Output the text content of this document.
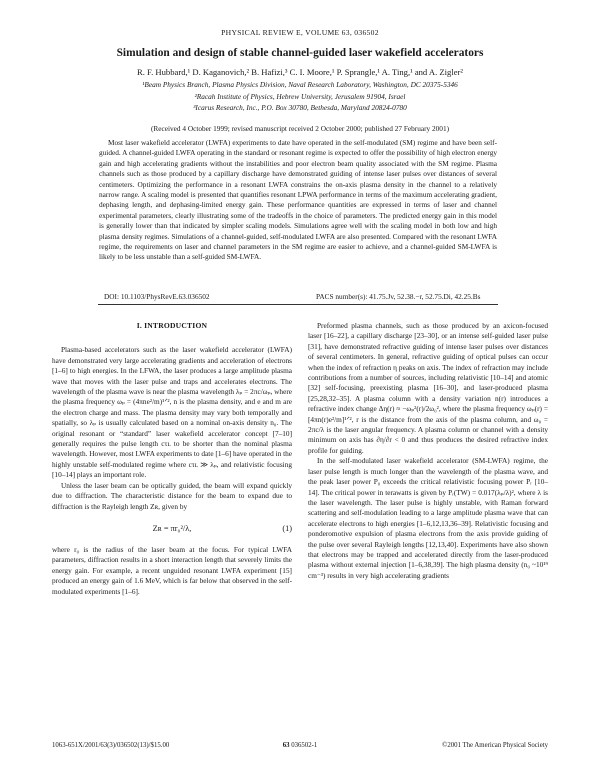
PHYSICAL REVIEW E, VOLUME 63, 036502
Simulation and design of stable channel-guided laser wakefield accelerators
R. F. Hubbard,¹ D. Kaganovich,² B. Hafizi,³ C. I. Moore,¹ P. Sprangle,¹ A. Ting,¹ and A. Zigler²
¹Beam Physics Branch, Plasma Physics Division, Naval Research Laboratory, Washington, DC 20375-5346
²Racah Institute of Physics, Hebrew University, Jerusalem 91904, Israel
³Icarus Research, Inc., P.O. Box 30780, Bethesda, Maryland 20824-0780
(Received 4 October 1999; revised manuscript received 2 October 2000; published 27 February 2001)

Most laser wakefield accelerator (LWFA) experiments to date have operated in the self-modulated (SM) regime and have been self-guided. A channel-guided LWFA operating in the standard or resonant regime is expected to offer the possibility of high electron energy gain and high accelerating gradients without the instabilities and poor electron beam quality associated with the SM regime. Plasma channels such as those produced by a capillary discharge have demonstrated guiding of intense laser pulses over distances of several centimeters. Optimizing the performance in a resonant LWFA constrains the on-axis plasma density in the channel to a relatively narrow range. A scaling model is presented that quantifies resonant LPWA performance in terms of the maximum accelerating gradient, dephasing length, and dephasing-limited energy gain. These performance quantities are expressed in terms of laser and channel experimental parameters, clearly illustrating some of the tradeoffs in the choice of parameters. The predicted energy gain in this model is generally lower than that indicated by simpler scaling models. Simulations agree well with the scaling model in both low and high plasma density regimes. Simulations of a channel-guided, self-modulated LWFA are also presented. Compared with the resonant LWFA regime, the requirements on laser and channel parameters in the SM regime are easier to achieve, and a channel-guided SM-LWFA is likely to be less unstable than a self-guided SM-LWFA.

DOI: 10.1103/PhysRevE.63.036502	PACS number(s): 41.75.Jv, 52.38.−r, 52.75.Di, 42.25.Bs
I. INTRODUCTION

Plasma-based accelerators such as the laser wakefield accelerator (LWFA) have demonstrated very large accelerating gradients and acceleration of electrons [1–6] to high energies. In the LFWA, the laser produces a large amplitude plasma wave that moves with the laser pulse and traps and accelerates electrons. The wavelength of the plasma wave is near the plasma wavelength λₚ = 2πc/ωₚ, where the plasma frequency ωₚ = (4πne²/m)¹ᐟ², n is the plasma density, and e and m are the electron charge and mass. The plasma density may vary both temporally and spatially, so λₚ is usually calculated based on a nominal on-axis density n₀. The original resonant or “standard” laser wakefield accelerator concept [7–10] generally requires the pulse length cτʟ to be shorter than the nominal plasma wavelength. However, most LWFA experiments to date [1–6] have operated in the highly unstable self-modulated regime where cτʟ ≫ λₚ, and relativistic focusing [10–14] plays an important role.

Unless the laser beam can be optically guided, the beam will expand quickly due to diffraction. The characteristic distance for the beam to expand due to diffraction is the Rayleigh length Zʀ, given by

Zʀ = πr₀²/λ,	(1)

where r₀ is the radius of the laser beam at the focus. For typical LWFA parameters, diffraction results in a short interaction length that severely limits the energy gain. For example, a recent unguided resonant LWFA experiment [15] produced an energy gain of 1.6 MeV, which is far below that observed in the self-modulated experiments [1–6].

Preformed plasma channels, such as those produced by an axicon-focused laser [16–22], a capillary discharge [23–30], or an intense self-guided laser pulse [31], have demonstrated refractive guiding of intense laser pulses over distances of several centimeters. In general, refractive guiding of optical pulses can occur when the index of refraction η peaks on axis. The index of refraction may include contributions from a number of sources, including relativistic [10–14] and atomic [32] self-focusing, preexisting plasma [16–30], and laser-produced plasma [25,28,32–35]. A plasma column with a density variation n(r) introduces a refractive index change Δη(r) ≈ −ωₚ²(r)/2ω₀², where the plasma frequency ωₚ(r) = [4πn(r)e²/m]¹ᐟ², r is the distance from the axis of the plasma column, and ω₀ = 2πc/λ is the laser angular frequency. A plasma column or channel with a density minimum on axis has ∂η/∂r < 0 and thus produces the desired refractive index profile for guiding.

In the self-modulated laser wakefield accelerator (SM-LWFA) regime, the laser pulse length is much longer than the wavelength of the plasma wave, and the peak laser power P₀ exceeds the critical relativistic focusing power Pᵣ [10–14]. The critical power in terawatts is given by Pᵣ(TW) = 0.017(λₚ/λ)², where λ is the laser wavelength. The laser pulse is highly unstable, with Raman forward scattering and self-modulation leading to a large amplitude plasma wave that can accelerate electrons to high energies [1–6,12,13,36–39]. Relativistic focusing and ponderomotive expulsion of plasma electrons from the axis provide guiding of the pulse over several Rayleigh lengths [12,13,40]. Experiments have also shown that electrons may be trapped and accelerated directly from the laser-produced plasma without external injection [1–6,38,39]. The high plasma density (n₀ ~10¹⁹ cm⁻³) results in very high accelerating gradients

1063-651X/2001/63(3)/036502(13)/$15.00	63 036502-1	©2001 The American Physical Society
